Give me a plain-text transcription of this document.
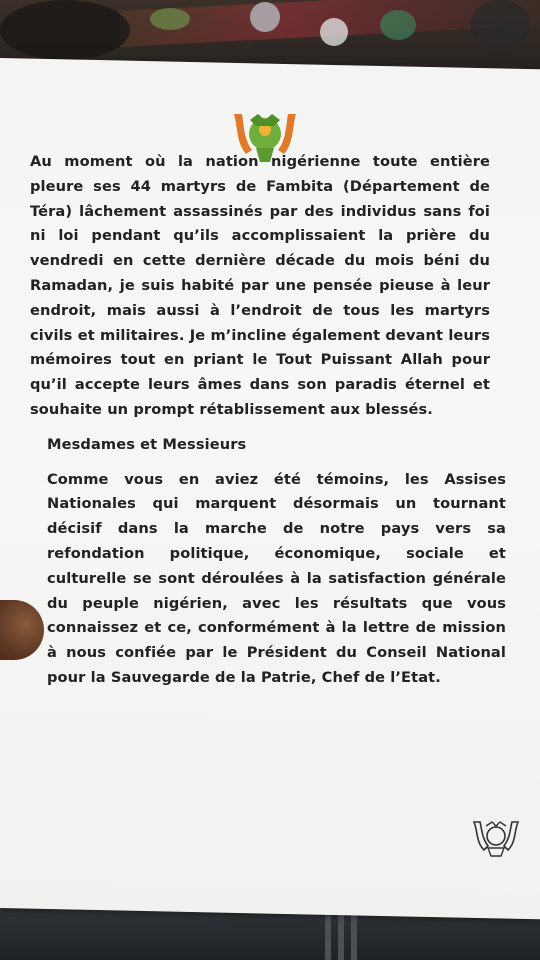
Au moment où la nation nigérienne toute entière pleure ses 44 martyrs de Fambita (Département de Téra) lâchement assassinés par des individus sans foi ni loi pendant qu’ils accomplissaient la prière du vendredi en cette dernière décade du mois béni du Ramadan, je suis habité par une pensée pieuse à leur endroit, mais aussi à l’endroit de tous les martyrs civils et militaires. Je m’incline également devant leurs mémoires tout en priant le Tout Puissant Allah pour qu’il accepte leurs âmes dans son paradis éternel et souhaite un prompt rétablissement aux blessés.

Mesdames et Messieurs

Comme vous en aviez été témoins, les Assises Nationales qui marquent désormais un tournant décisif dans la marche de notre pays vers sa refondation politique, économique, sociale et culturelle se sont déroulées à la satisfaction générale du peuple nigérien, avec les résultats que vous connaissez et ce, conformément à la lettre de mission à nous confiée par le Président du Conseil National pour la Sauvegarde de la Patrie, Chef de l’Etat.
